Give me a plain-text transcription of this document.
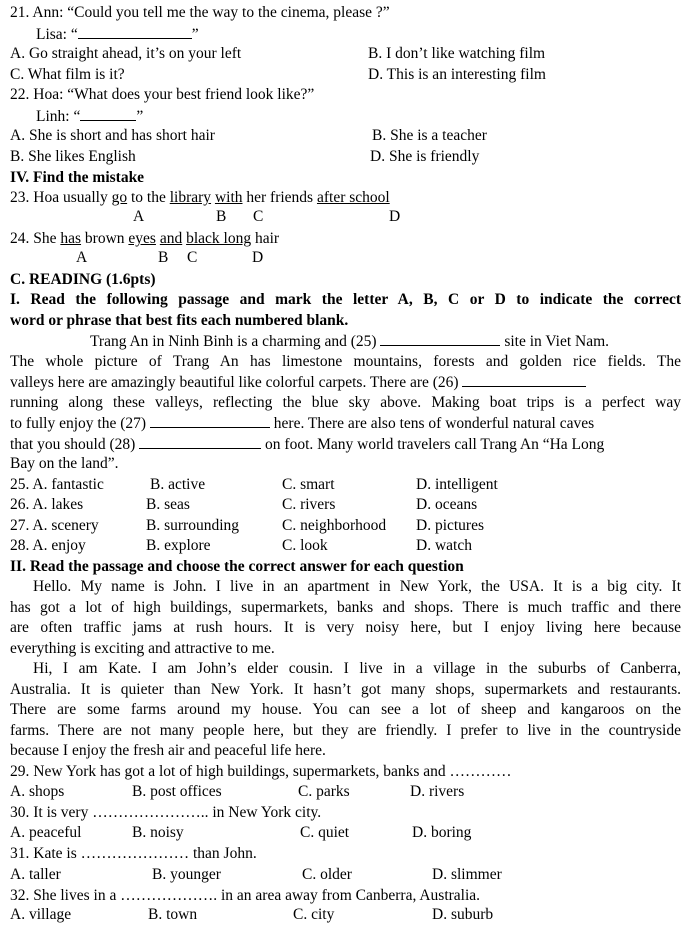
21. Ann: “Could you tell me the way to the cinema, please ?”
Lisa: “	”
A. Go straight ahead, it’s on your left	B. I don’t like watching film
C. What film is it?	D. This is an interesting film
22. Hoa: “What does your best friend look like?”
Linh: “	”
A. She is short and has short hair	B. She is a teacher
B. She likes English	D. She is friendly
IV. Find the mistake
23. Hoa usually go to the library with her friends after school
A	B C	D
24. She has brown eyes and black long hair
A	B C	D
C. READING (1.6pts)
I. Read the following passage and mark the letter A, B, C or D to indicate the correct
word or phrase that best fits each numbered blank.
Trang An in Ninh Binh is a charming and (25)	site in Viet Nam.
The whole picture of Trang An has limestone mountains, forests and golden rice fields. The
valleys here are amazingly beautiful like colorful carpets. There are (26)
running along these valleys, reflecting the blue sky above. Making boat trips is a perfect way
to fully enjoy the (27)	here. There are also tens of wonderful natural caves
that you should (28)	on foot. Many world travelers call Trang An “Ha Long
Bay on the land”.
25. A. fantastic	B. active	C. smart	D. intelligent
26. A. lakes	B. seas	C. rivers	D. oceans
27. A. scenery	B. surrounding	C. neighborhood D. pictures
28. A. enjoy	B. explore	C. look	D. watch
II. Read the passage and choose the correct answer for each question
Hello. My name is John. I live in an apartment in New York, the USA. It is a big city. It
has got a lot of high buildings, supermarkets, banks and shops. There is much traffic and there
are often traffic jams at rush hours. It is very noisy here, but I enjoy living here because
everything is exciting and attractive to me.
Hi, I am Kate. I am John’s elder cousin. I live in a village in the suburbs of Canberra,
Australia. It is quieter than New York. It hasn’t got many shops, supermarkets and restaurants.
There are some farms around my house. You can see a lot of sheep and kangaroos on the
farms. There are not many people here, but they are friendly. I prefer to live in the countryside
because I enjoy the fresh air and peaceful life here.
29. New York has got a lot of high buildings, supermarkets, banks and …………
A. shops	B. post offices	C. parks	D. rivers
30. It is very ………………….. in New York city.
A. peaceful	B. noisy	C. quiet	D. boring
31. Kate is ………………… than John.
A. taller	B. younger	C. older	D. slimmer
32. She lives in a ………………. in an area away from Canberra, Australia.
A. village	B. town	C. city	D. suburb
